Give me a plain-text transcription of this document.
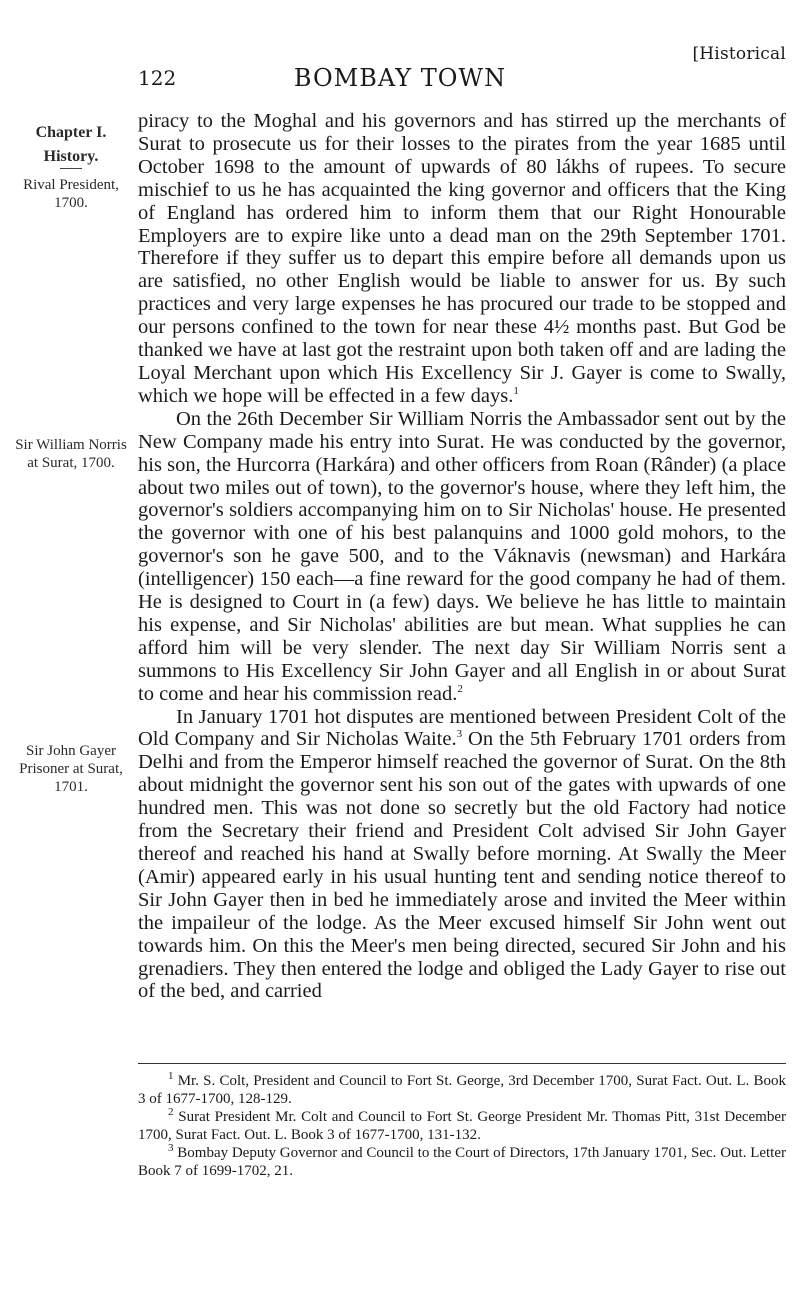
[Historical
122	BOMBAY TOWN
Chapter I.
History.
Rival President, 1700.
Sir William Norris at Surat, 1700.
Sir John Gayer Prisoner at Surat, 1701.

piracy to the Moghal and his governors and has stirred up the merchants of Surat to prosecute us for their losses to the pirates from the year 1685 until October 1698 to the amount of upwards of 80 lákhs of rupees. To secure mischief to us he has acquainted the king governor and officers that the King of England has ordered him to inform them that our Right Honourable Employers are to expire like unto a dead man on the 29th September 1701. Therefore if they suffer us to depart this empire before all demands upon us are satisfied, no other English would be liable to answer for us. By such practices and very large expenses he has procured our trade to be stopped and our persons confined to the town for near these 4½ months past. But God be thanked we have at last got the restraint upon both taken off and are lading the Loyal Merchant upon which His Excellency Sir J. Gayer is come to Swally, which we hope will be effected in a few days.$^1$

On the 26th December Sir William Norris the Ambassador sent out by the New Company made his entry into Surat. He was conducted by the governor, his son, the Hurcorra (Harkára) and other officers from Roan (Rânder) (a place about two miles out of town), to the governor's house, where they left him, the governor's soldiers accompanying him on to Sir Nicholas' house. He presented the governor with one of his best palanquins and 1000 gold mohors, to the governor's son he gave 500, and to the Váknavis (newsman) and Harkára (intelligencer) 150 each—a fine reward for the good company he had of them. He is designed to Court in (a few) days. We believe he has little to maintain his expense, and Sir Nicholas' abilities are but mean. What supplies he can afford him will be very slender. The next day Sir William Norris sent a summons to His Excellency Sir John Gayer and all English in or about Surat to come and hear his commission read.$^2$

In January 1701 hot disputes are mentioned between President Colt of the Old Company and Sir Nicholas Waite.$^3$ On the 5th February 1701 orders from Delhi and from the Emperor himself reached the governor of Surat. On the 8th about midnight the governor sent his son out of the gates with upwards of one hundred men. This was not done so secretly but the old Factory had notice from the Secretary their friend and President Colt advised Sir John Gayer thereof and reached his hand at Swally before morning. At Swally the Meer (Amir) appeared early in his usual hunting tent and sending notice thereof to Sir John Gayer then in bed he immediately arose and invited the Meer within the impaileur of the lodge. As the Meer excused himself Sir John went out towards him. On this the Meer's men being directed, secured Sir John and his grenadiers. They then entered the lodge and obliged the Lady Gayer to rise out of the bed, and carried

$^1$ Mr. S. Colt, President and Council to Fort St. George, 3rd December 1700, Surat Fact. Out. L. Book 3 of 1677-1700, 128-129.

$^2$ Surat President Mr. Colt and Council to Fort St. George President Mr. Thomas Pitt, 31st December 1700, Surat Fact. Out. L. Book 3 of 1677-1700, 131-132.

$^3$ Bombay Deputy Governor and Council to the Court of Directors, 17th January 1701, Sec. Out. Letter Book 7 of 1699-1702, 21.
